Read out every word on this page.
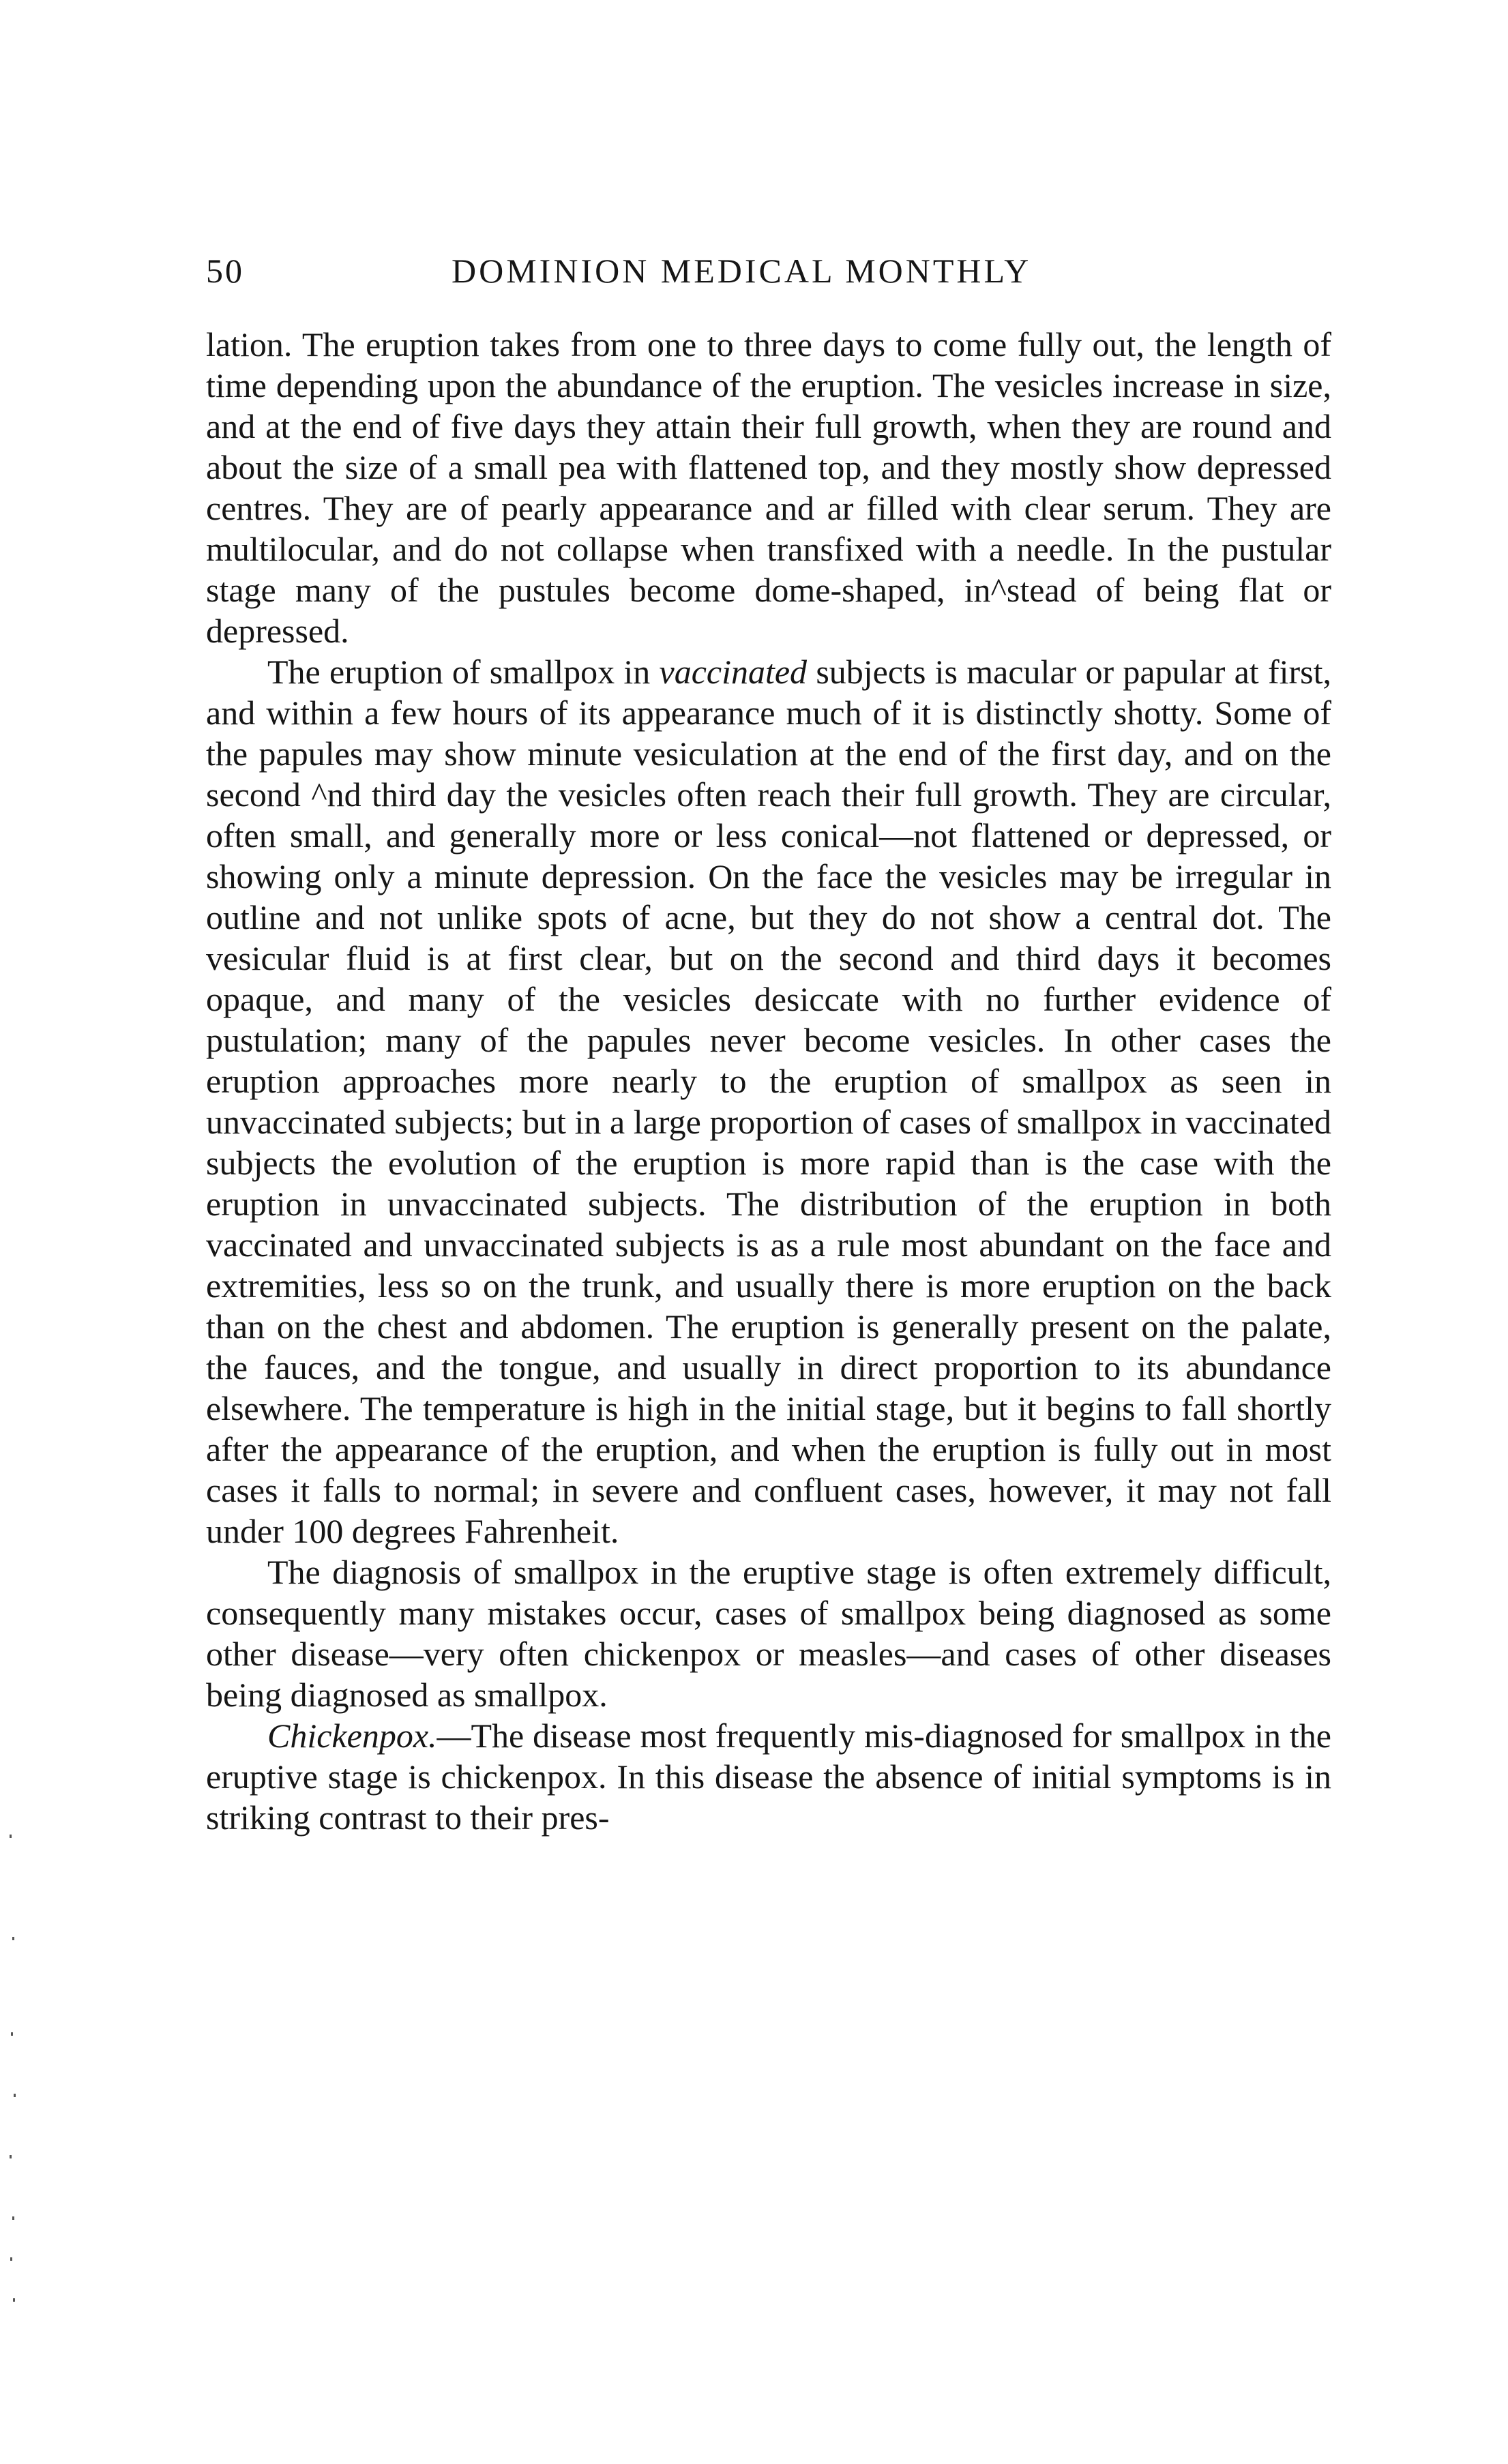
50	DOMINION MEDICAL MONTHLY

lation. The eruption takes from one to three days to come fully out, the length of time depending upon the abundance of the eruption. The vesicles increase in size, and at the end of five days they attain their full growth, when they are round and about the size of a small pea with flattened top, and they mostly show depressed centres. They are of pearly appearance and ar filled with clear serum. They are multilocular, and do not collapse when transfixed with a needle. In the pustular stage many of the pustules become dome-shaped, in^stead of being flat or depressed.

The eruption of smallpox in vaccinated subjects is macular or papular at first, and within a few hours of its appearance much of it is distinctly shotty. Some of the papules may show minute vesiculation at the end of the first day, and on the second ^nd third day the vesicles often reach their full growth. They are circular, often small, and generally more or less conical—not flattened or depressed, or showing only a minute depression. On the face the vesicles may be irregular in outline and not unlike spots of acne, but they do not show a central dot. The vesicular fluid is at first clear, but on the second and third days it becomes opaque, and many of the vesicles desiccate with no further evidence of pustulation; many of the papules never become vesicles. In other cases the eruption approaches more nearly to the eruption of smallpox as seen in unvaccinated subjects; but in a large proportion of cases of smallpox in vaccinated subjects the evolution of the eruption is more rapid than is the case with the eruption in unvaccinated subjects. The distribution of the eruption in both vaccinated and unvaccinated subjects is as a rule most abundant on the face and extremities, less so on the trunk, and usually there is more eruption on the back than on the chest and abdomen. The eruption is generally present on the palate, the fauces, and the tongue, and usually in direct proportion to its abundance elsewhere. The temperature is high in the initial stage, but it begins to fall shortly after the appearance of the eruption, and when the eruption is fully out in most cases it falls to normal; in severe and confluent cases, however, it may not fall under 100 degrees Fahrenheit.

The diagnosis of smallpox in the eruptive stage is often extremely difficult, consequently many mistakes occur, cases of smallpox being diagnosed as some other disease—very often chickenpox or measles—and cases of other diseases being diagnosed as smallpox.

Chickenpox.—The disease most frequently mis-diagnosed for smallpox in the eruptive stage is chickenpox. In this disease the absence of initial symptoms is in striking contrast to their pres-
